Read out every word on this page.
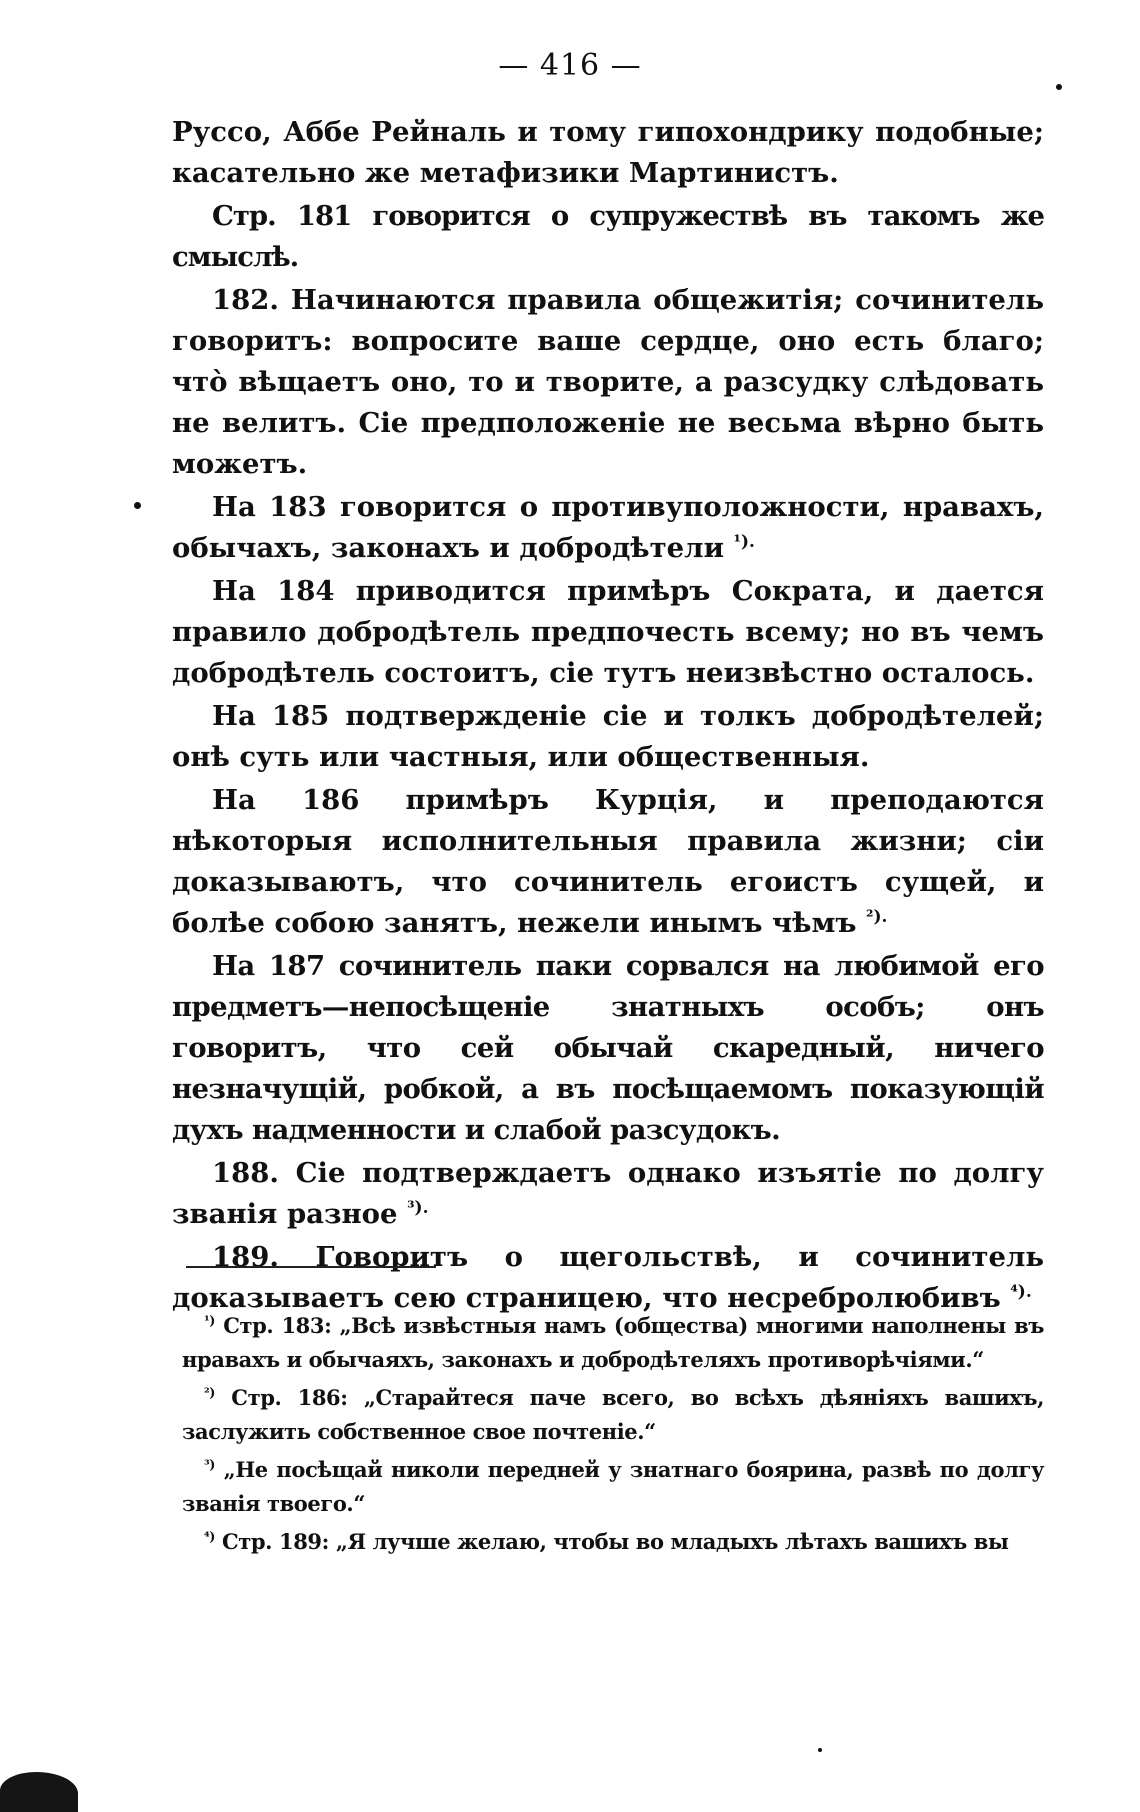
— 416 —

Руссо, Аббе Рейналь и тому гипохондрику подобные; касательно же метафизики Мартинистъ.

Стр. 181 говорится о супружествѣ въ такомъ же смыслѣ.

182. Начинаются правила общежитія; сочинитель говоритъ: вопросите ваше сердце, оно есть благо; что̀ вѣщаетъ оно, то и творите, а разсудку слѣдовать не велитъ. Сіе предположеніе не весьма вѣрно быть можетъ.

На 183 говорится о противуположности, нравахъ, обычахъ, законахъ и добродѣтели $^{^1).}$

На 184 приводится примѣръ Сократа, и дается правило добродѣтель предпочесть всему; но въ чемъ добродѣтель состоитъ, сіе тутъ неизвѣстно осталось.

На 185 подтвержденіе сіе и толкъ добродѣтелей; онѣ суть или частныя, или общественныя.

На 186 примѣръ Курція, и преподаются нѣкоторыя исполнительныя правила жизни; сіи доказываютъ, что сочинитель егоистъ сущей, и болѣе собою занятъ, нежели инымъ чѣмъ $^{^2).}$

На 187 сочинитель паки сорвался на любимой его предметъ—непосѣщеніе знатныхъ особъ; онъ говоритъ, что сей обычай скаредный, ничего незначущій, робкой, а въ посѣщаемомъ показующій духъ надменности и слабой разсудокъ.

188. Сіе подтверждаетъ однако изъятіе по долгу званія разное $^{^3).}$

189. Говоритъ о щегольствѣ, и сочинитель доказываетъ сею страницею, что несребролюбивъ $^{^4).}$

$^{^1)}$ Стр. 183: „Всѣ извѣстныя намъ (общества) многими наполнены въ нравахъ и обычаяхъ, законахъ и добродѣтеляхъ противорѣчіями.“

$^{^2)}$ Стр. 186: „Старайтеся паче всего, во всѣхъ дѣяніяхъ вашихъ, заслужить собственное свое почтеніе.“

$^{^3)}$ „Не посѣщай николи передней у знатнаго боярина, развѣ по долгу званія твоего.“

$^{^4)}$ Стр. 189: „Я лучше желаю, чтобы во младыхъ лѣтахъ вашихъ вы
